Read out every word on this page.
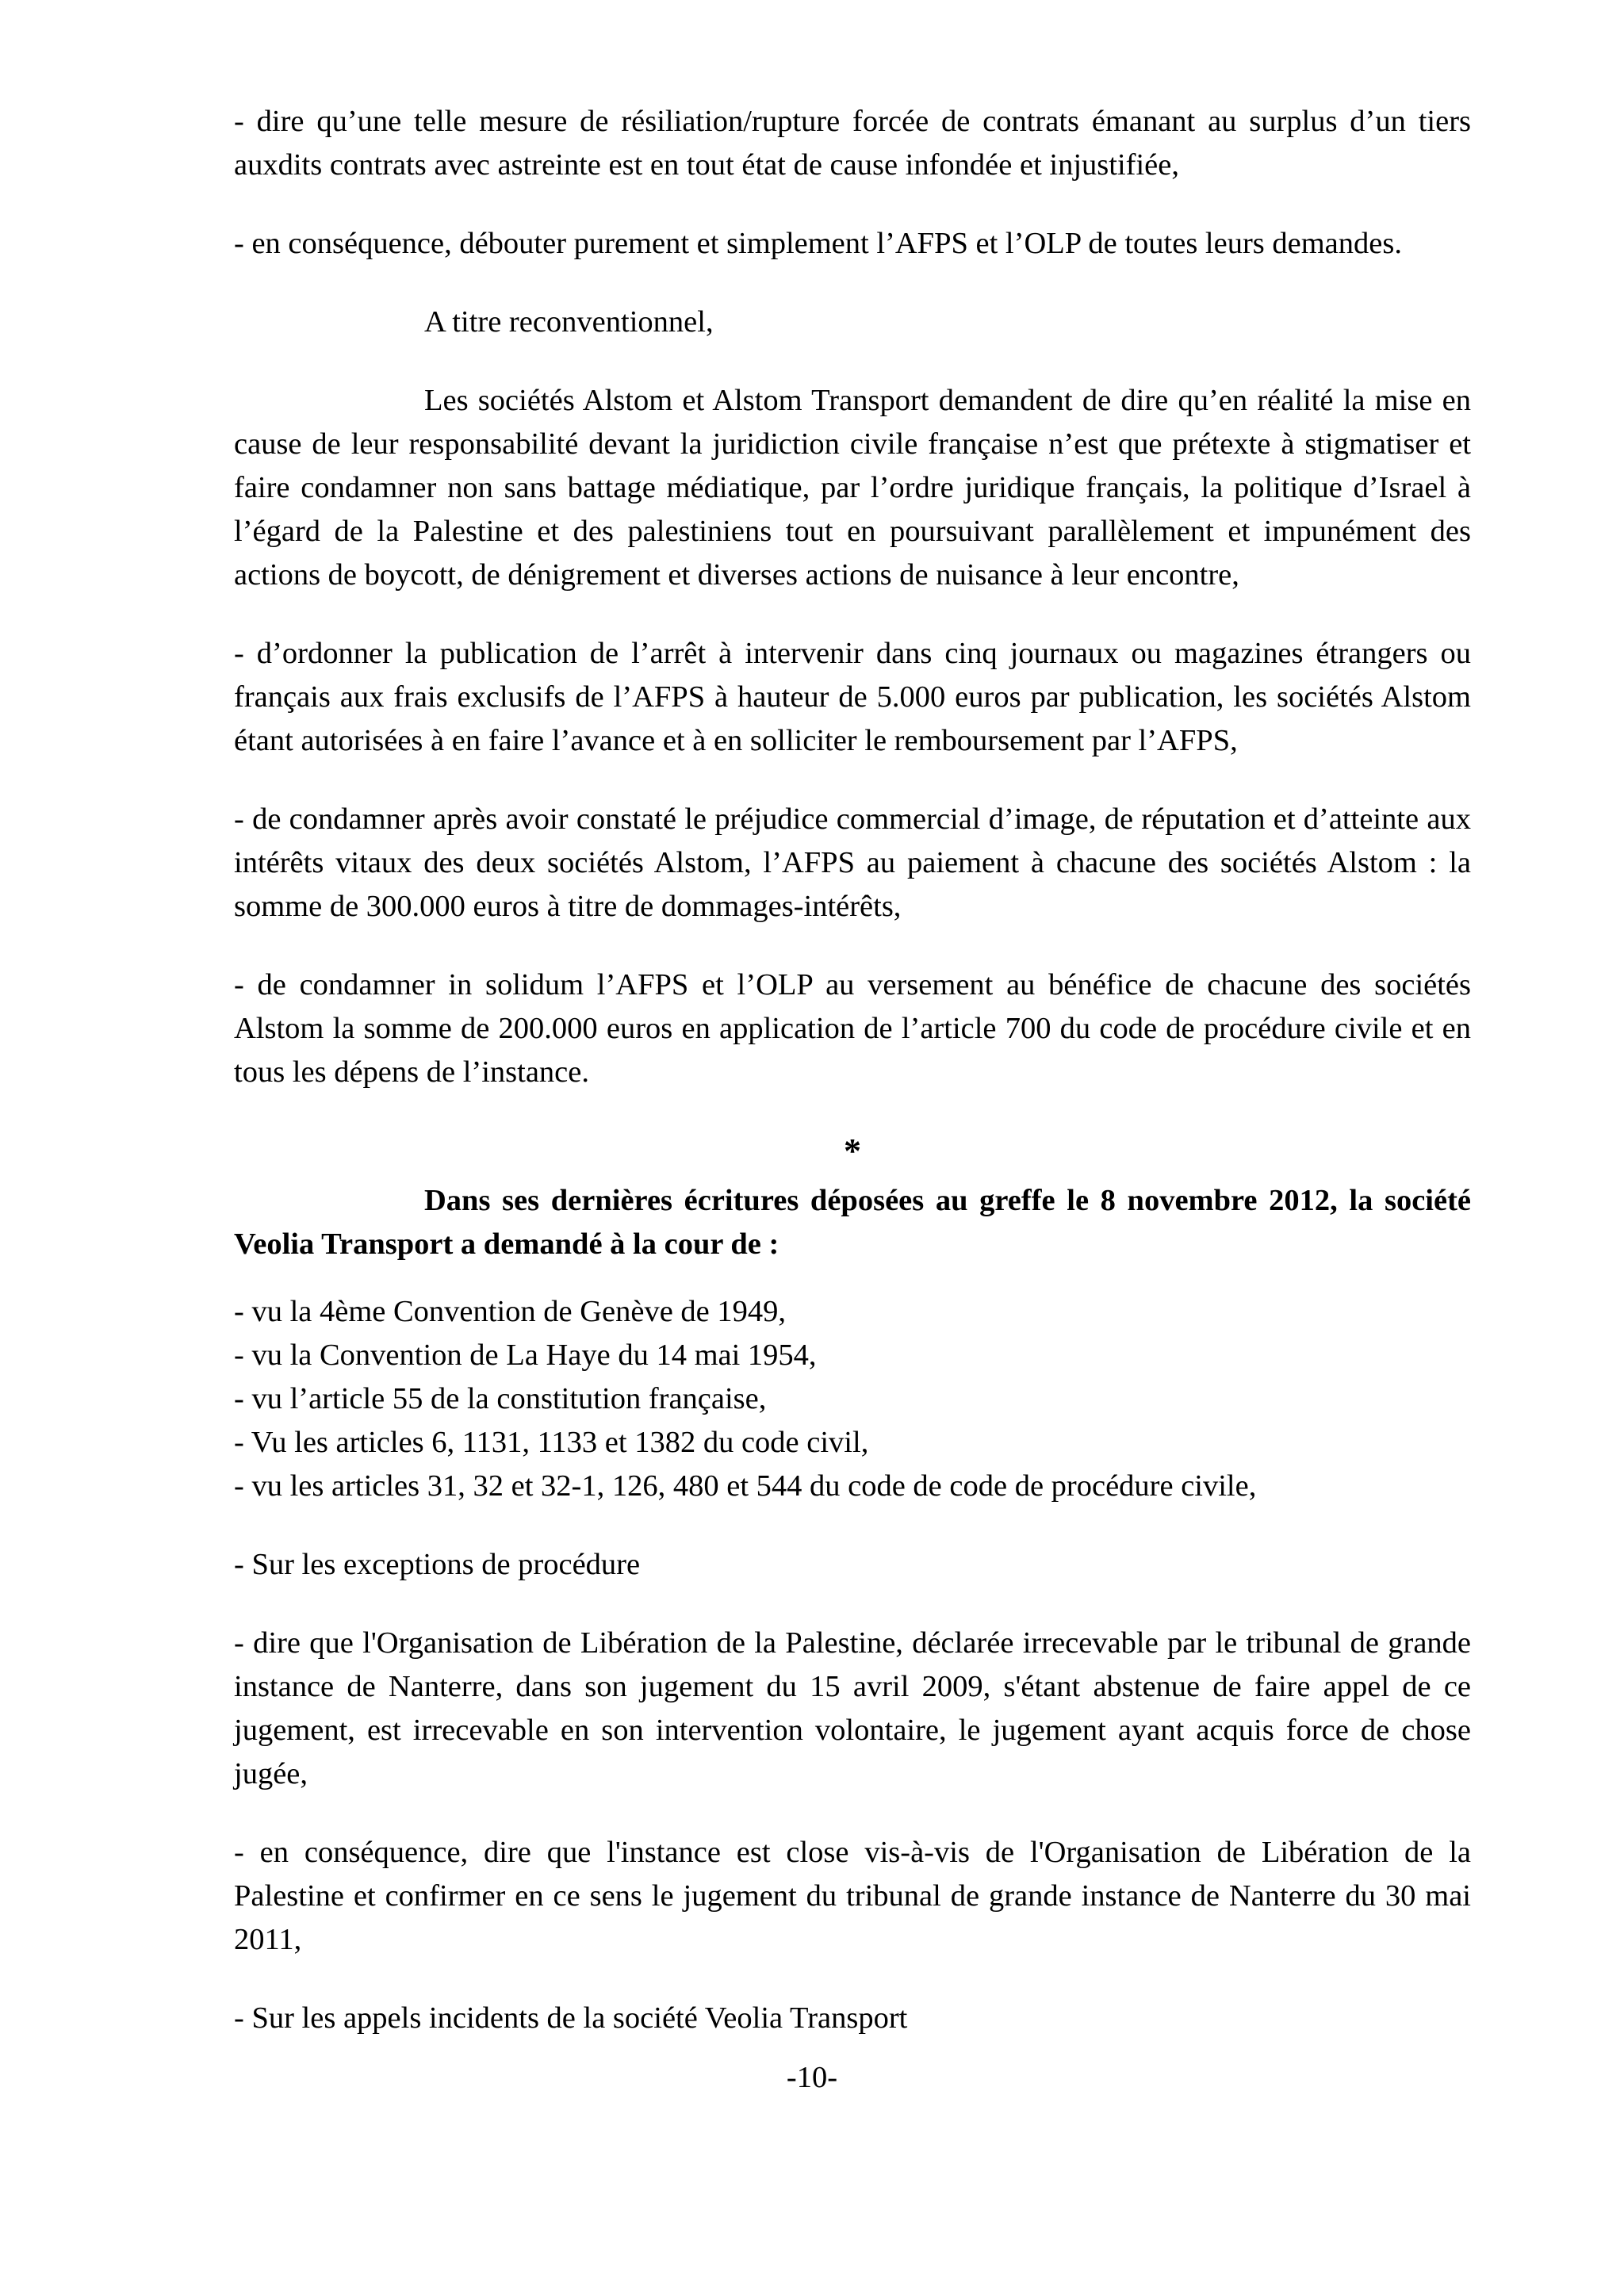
- dire qu’une telle mesure de résiliation/rupture forcée de contrats émanant au surplus d’un tiers auxdits contrats avec astreinte est en tout état de cause infondée et injustifiée,

- en conséquence, débouter purement et simplement l’AFPS et l’OLP de toutes leurs demandes.

A titre reconventionnel,

Les sociétés Alstom et Alstom Transport demandent de dire qu’en réalité la mise en cause de leur responsabilité devant la juridiction civile française n’est que prétexte à stigmatiser et faire condamner non sans battage médiatique, par l’ordre juridique français, la politique d’Israel à l’égard de la Palestine et des palestiniens tout en poursuivant parallèlement et impunément des actions de boycott, de dénigrement et diverses actions de nuisance à leur encontre,

- d’ordonner la publication de l’arrêt à intervenir dans cinq journaux ou magazines étrangers ou français aux frais exclusifs de l’AFPS à hauteur de 5.000 euros par publication, les sociétés Alstom étant autorisées à en faire l’avance et à en solliciter le remboursement par l’AFPS,

- de condamner après avoir constaté le préjudice commercial d’image, de réputation et d’atteinte aux intérêts vitaux des deux sociétés Alstom, l’AFPS au paiement à chacune des sociétés Alstom : la somme de 300.000 euros à titre de dommages-intérêts,

- de condamner in solidum l’AFPS et l’OLP au versement au bénéfice de chacune des sociétés Alstom la somme de 200.000 euros en application de l’article 700 du code de procédure civile et en tous les dépens de l’instance.

*

Dans ses dernières écritures déposées au greffe le 8 novembre 2012, la société Veolia Transport a demandé à la cour de :

- vu la 4ème Convention de Genève de 1949,

- vu la Convention de La Haye du 14 mai 1954,

- vu l’article 55 de la constitution française,

- Vu les articles 6, 1131, 1133 et 1382 du code civil,

- vu les articles 31, 32 et 32-1, 126, 480 et 544 du code de code de procédure civile,

- Sur les exceptions de procédure

- dire que l'Organisation de Libération de la Palestine, déclarée irrecevable par le tribunal de grande instance de Nanterre, dans son jugement du 15 avril 2009, s'étant abstenue de faire appel de ce jugement, est irrecevable en son intervention volontaire, le jugement ayant acquis force de chose jugée,

- en conséquence, dire que l'instance est close vis-à-vis de l'Organisation de Libération de la Palestine et confirmer en ce sens le jugement du tribunal de grande instance de Nanterre du 30 mai 2011,

- Sur les appels incidents de la société Veolia Transport

-10-
